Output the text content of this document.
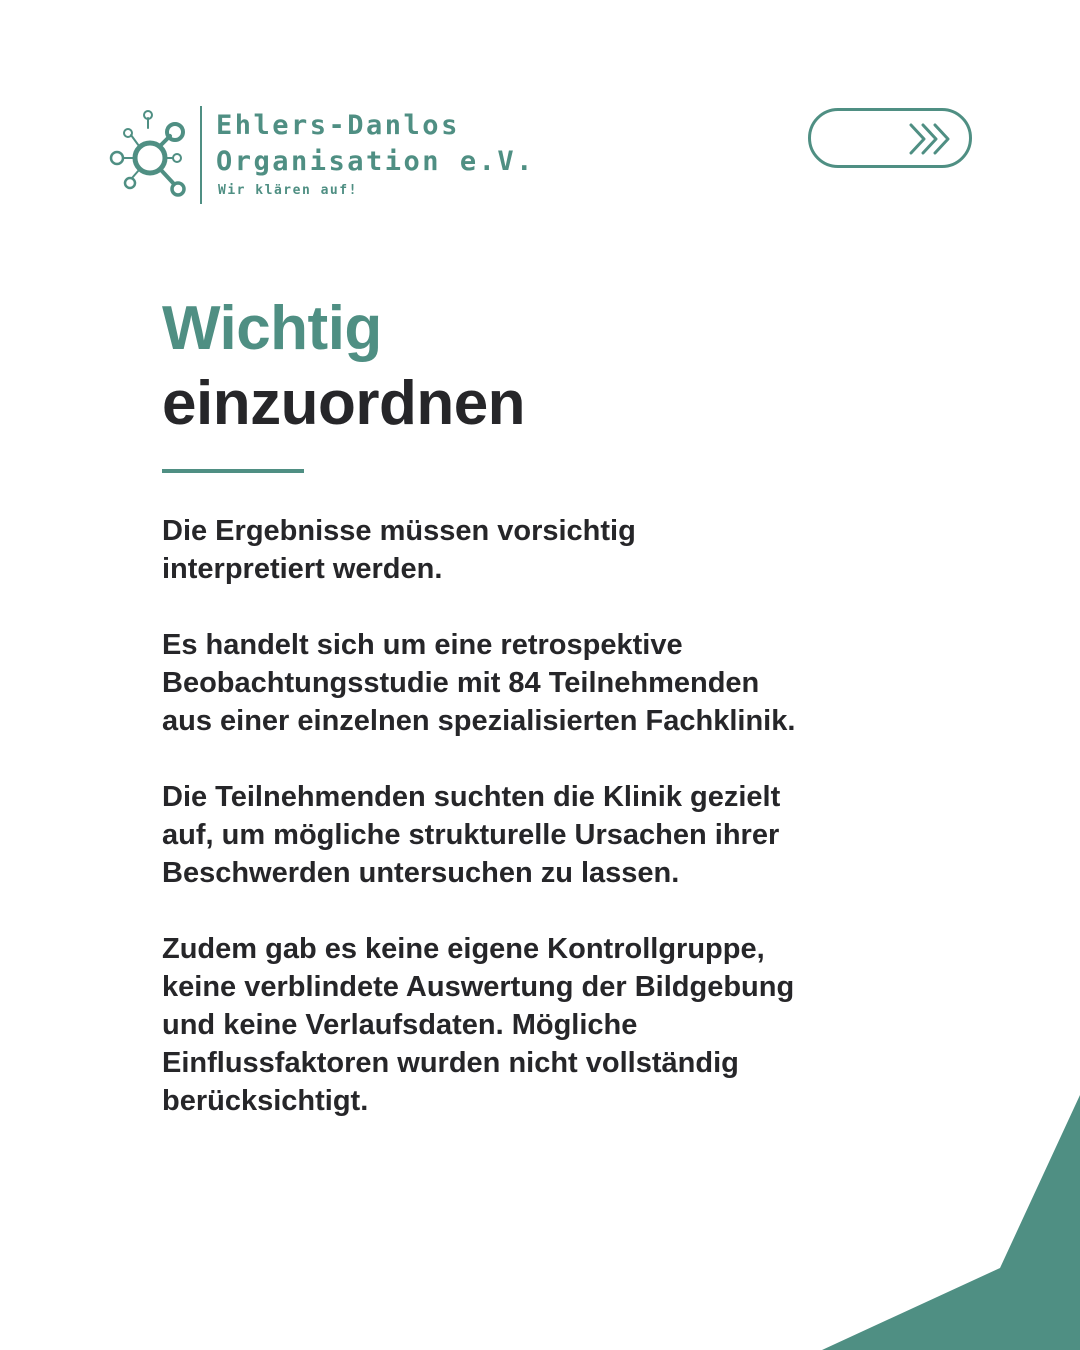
Ehlers-Danlos
Organisation e.V.
Wir klären auf!
Wichtig
einzuordnen

Die Ergebnisse müssen vorsichtig
interpretiert werden.

Es handelt sich um eine retrospektive
Beobachtungsstudie mit 84 Teilnehmenden
aus einer einzelnen spezialisierten Fachklinik.

Die Teilnehmenden suchten die Klinik gezielt
auf, um mögliche strukturelle Ursachen ihrer
Beschwerden untersuchen zu lassen.

Zudem gab es keine eigene Kontrollgruppe,
keine verblindete Auswertung der Bildgebung
und keine Verlaufsdaten. Mögliche
Einflussfaktoren wurden nicht vollständig
berücksichtigt.
